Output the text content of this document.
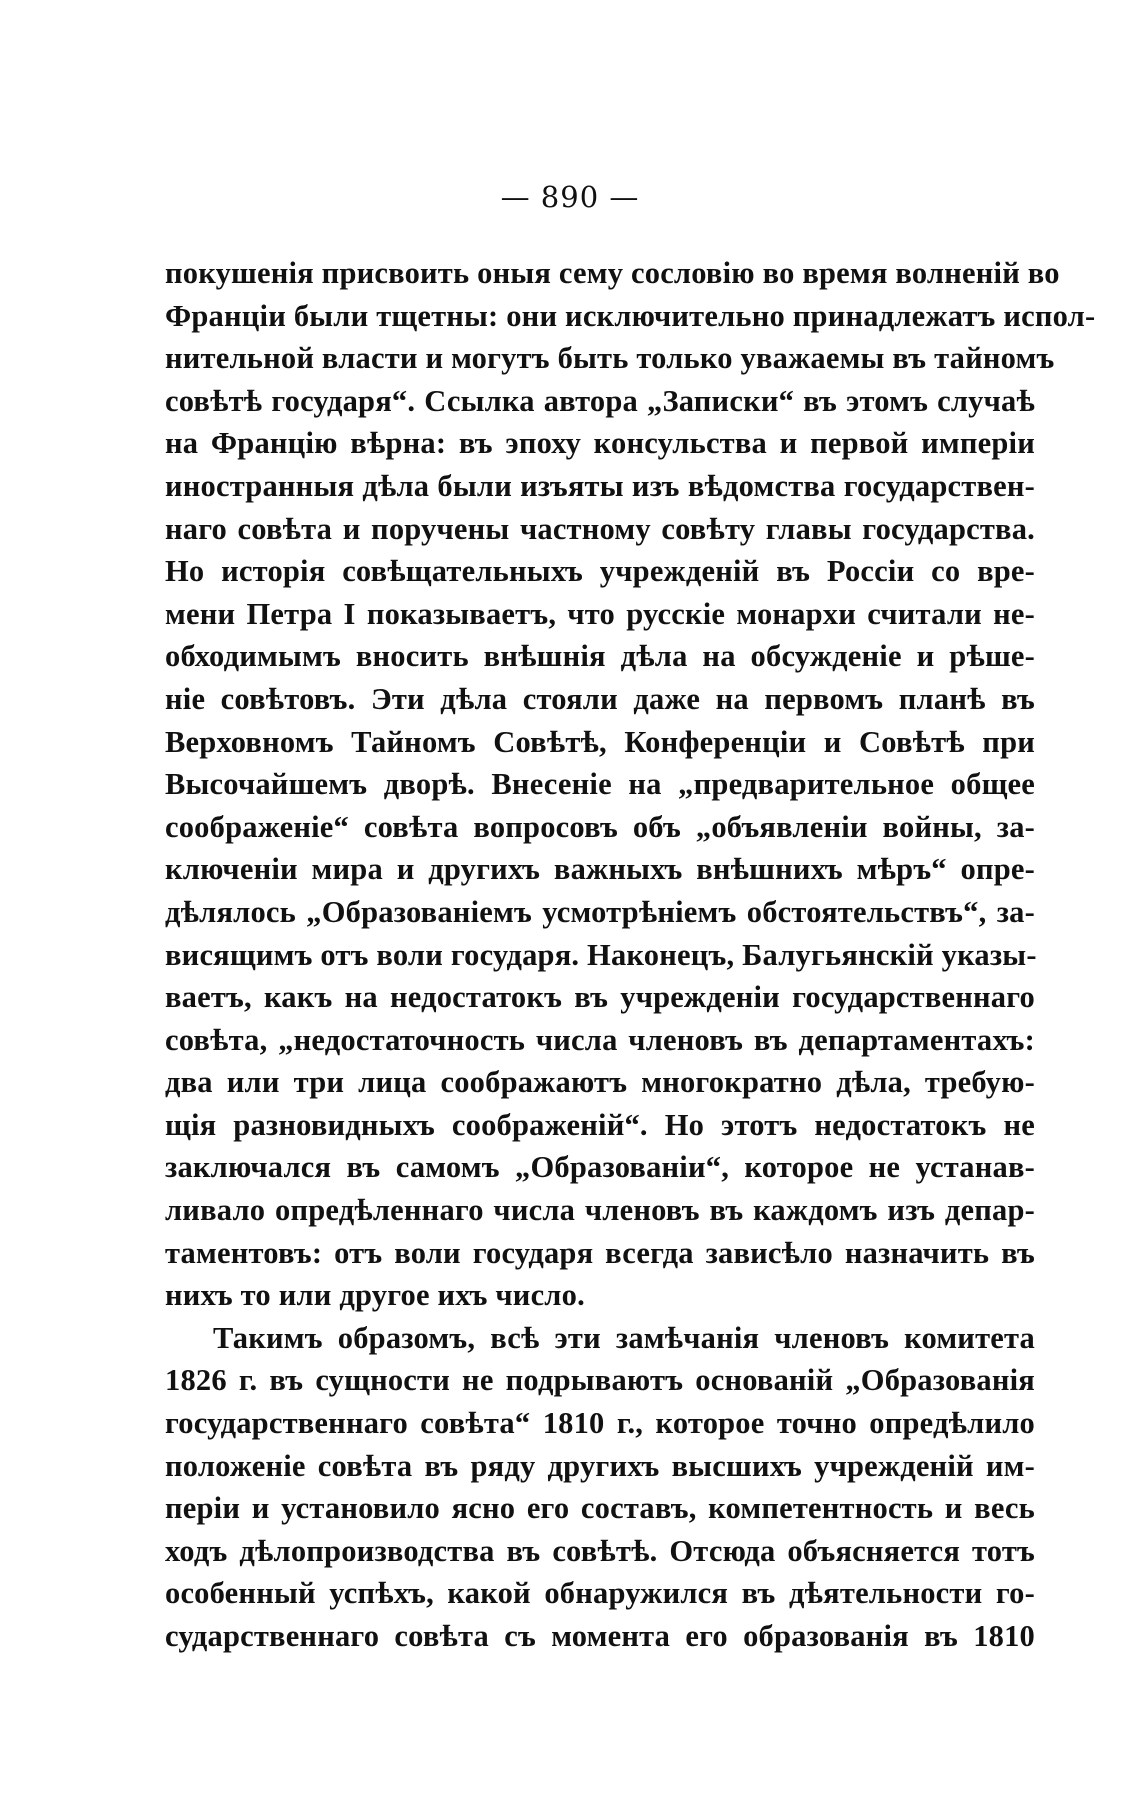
— 890 —
покушенія присвоить оныя сему сословію во время волненій во
Франціи были тщетны: они исключительно принадлежатъ испол-
нительной власти и могутъ быть только уважаемы въ тайномъ
совѣтѣ государя“. Ссылка автора „Записки“ въ этомъ случаѣ
на Францію вѣрна: въ эпоху консульства и первой имперіи
иностранныя дѣла были изъяты изъ вѣдомства государствен-
наго совѣта и поручены частному совѣту главы государства.
Но исторія совѣщательныхъ учрежденій въ Россіи со вре-
мени Петра I показываетъ, что русскіе монархи считали не-
обходимымъ вносить внѣшнія дѣла на обсужденіе и рѣше-
ніе совѣтовъ. Эти дѣла стояли даже на первомъ планѣ въ
Верховномъ Тайномъ Совѣтѣ, Конференціи и Совѣтѣ при
Высочайшемъ дворѣ. Внесеніе на „предварительное общее
соображеніе“ совѣта вопросовъ объ „объявленіи войны, за-
ключеніи мира и другихъ важныхъ внѣшнихъ мѣръ“ опре-
дѣлялось „Образованіемъ усмотрѣніемъ обстоятельствъ“, за-
висящимъ отъ воли государя. Наконецъ, Балугьянскій указы-
ваетъ, какъ на недостатокъ въ учрежденіи государственнаго
совѣта, „недостаточность числа членовъ въ департаментахъ:
два или три лица соображаютъ многократно дѣла, требую-
щія разновидныхъ соображеній“. Но этотъ недостатокъ не
заключался въ самомъ „Образованіи“, которое не устанав-
ливало опредѣленнаго числа членовъ въ каждомъ изъ депар-
таментовъ: отъ воли государя всегда зависѣло назначить въ
нихъ то или другое ихъ число.
Такимъ образомъ, всѣ эти замѣчанія членовъ комитета
1826 г. въ сущности не подрываютъ основаній „Образованія
государственнаго совѣта“ 1810 г., которое точно опредѣлило
положеніе совѣта въ ряду другихъ высшихъ учрежденій им-
періи и установило ясно его составъ, компетентность и весь
ходъ дѣлопроизводства въ совѣтѣ. Отсюда объясняется тотъ
особенный успѣхъ, какой обнаружился въ дѣятельности го-
сударственнаго совѣта съ момента его образованія въ 1810
